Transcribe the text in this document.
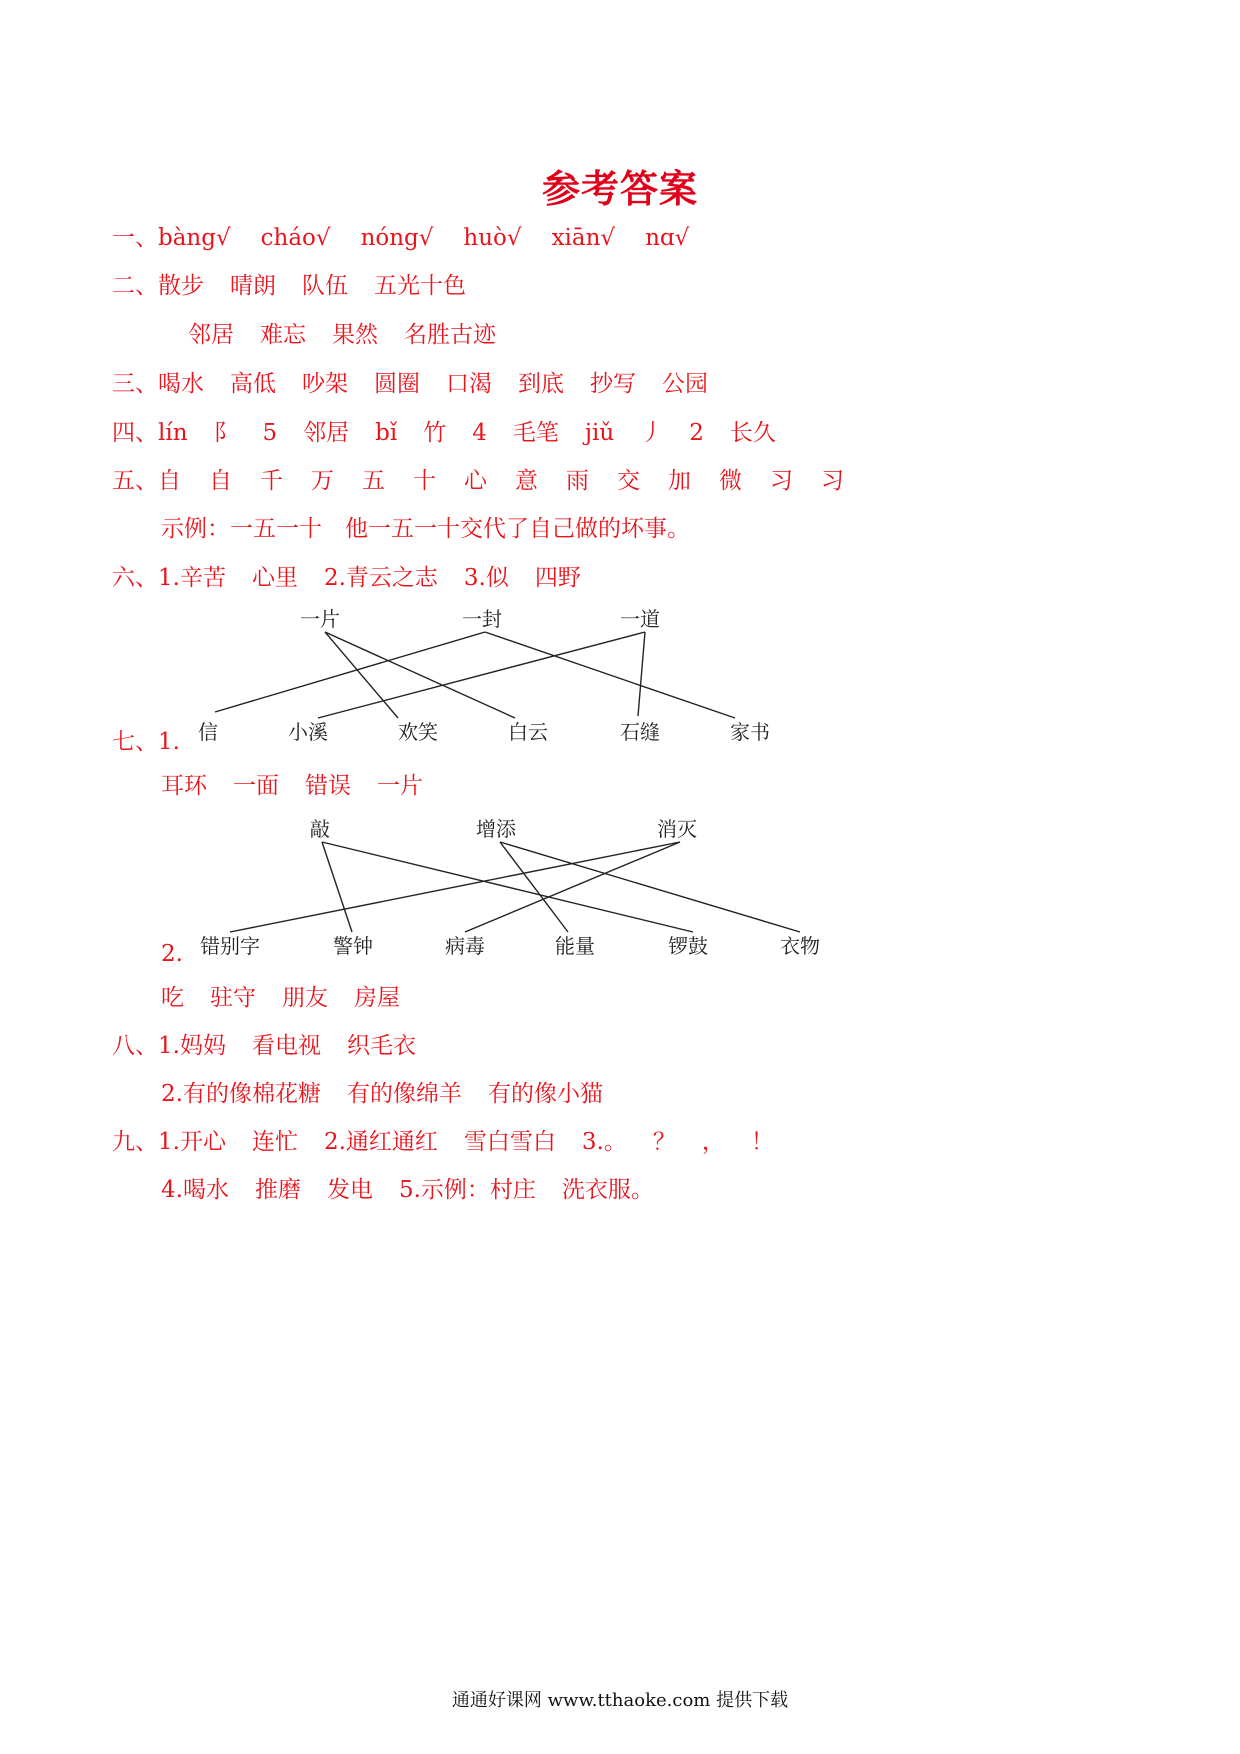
参考答案
一、bàng√ cháo√ nóng√ huò√ xiān√ nɑ√
二、散步 晴朗 队伍 五光十色
邻居 难忘 果然 名胜古迹
三、喝水 高低 吵架 圆圈 口渴 到底 抄写 公园
四、lín 阝 5 邻居 bǐ 竹 4 毛笔 jiǔ 丿 2 长久
五、自 自 千 万 五 十 心 意 雨 交 加 微 习 习
示例：一五一十　他一五一十交代了自己做的坏事。
六、1.辛苦 心里 2.青云之志 3.似 四野
一片	一封	一道
信	小溪	欢笑	白云	石缝	家书
七、1.
耳环 一面 错误 一片
敲	增添	消灭
错别字	警钟	病毒	能量	锣鼓	衣物
2.
吃 驻守 朋友 房屋
八、1.妈妈 看电视 织毛衣
2.有的像棉花糖 有的像绵羊 有的像小猫
九、1.开心 连忙 2.通红通红 雪白雪白 3.。 ？ ， ！
4.喝水 推磨 发电 5.示例：村庄 洗衣服。
通通好课网 www.tthaoke.com 提供下载
